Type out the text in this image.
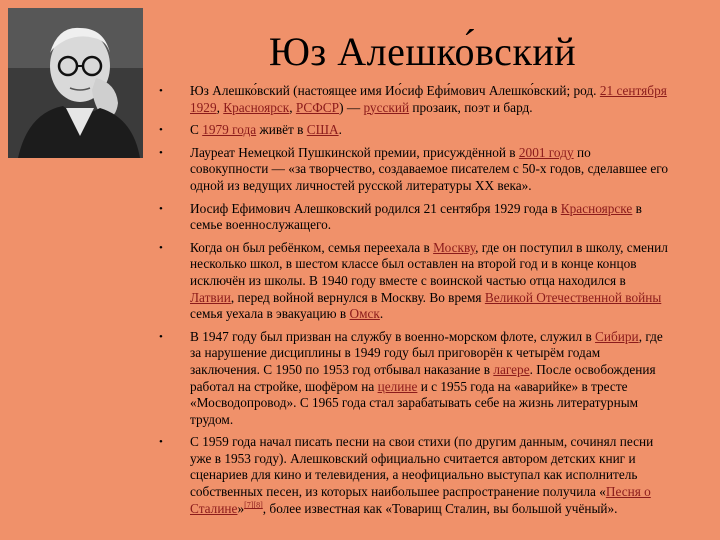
Юз Алешко́вский
• Юз Алешко́вский (настоящее имя Ио́сиф Ефи́мович Алешко́вский; род. 21 сентября 1929, Красноярск, РСФСР) — русский прозаик, поэт и бард.
• С 1979 года живёт в США.
• Лауреат Немецкой Пушкинской премии, присуждённой в 2001 году по совокупности — «за творчество, создаваемое писателем с 50-х годов, сделавшее его одной из ведущих личностей русской литературы XX века».
• Иосиф Ефимович Алешковский родился 21 сентября 1929 года в Красноярске в семье военнослужащего.
• Когда он был ребёнком, семья переехала в Москву, где он поступил в школу, сменил несколько школ, в шестом классе был оставлен на второй год и в конце концов исключён из школы. В 1940 году вместе с воинской частью отца находился в Латвии, перед войной вернулся в Москву. Во время Великой Отечественной войны семья уехала в эвакуацию в Омск.
• В 1947 году был призван на службу в военно-морском флоте, служил в Сибири, где за нарушение дисциплины в 1949 году был приговорён к четырём годам заключения. С 1950 по 1953 год отбывал наказание в лагере. После освобождения работал на стройке, шофёром на целине и с 1955 года на «аварийке» в тресте «Мосводопровод». С 1965 года стал зарабатывать себе на жизнь литературным трудом.
• С 1959 года начал писать песни на свои стихи (по другим данным, сочинял песни уже в 1953 году). Алешковский официально считается автором детских книг и сценариев для кино и телевидения, а неофициально выступал как исполнитель собственных песен, из которых наибольшее распространение получила «Песня о Сталине»[7][8], более известная как «Товарищ Сталин, вы большой учёный».
